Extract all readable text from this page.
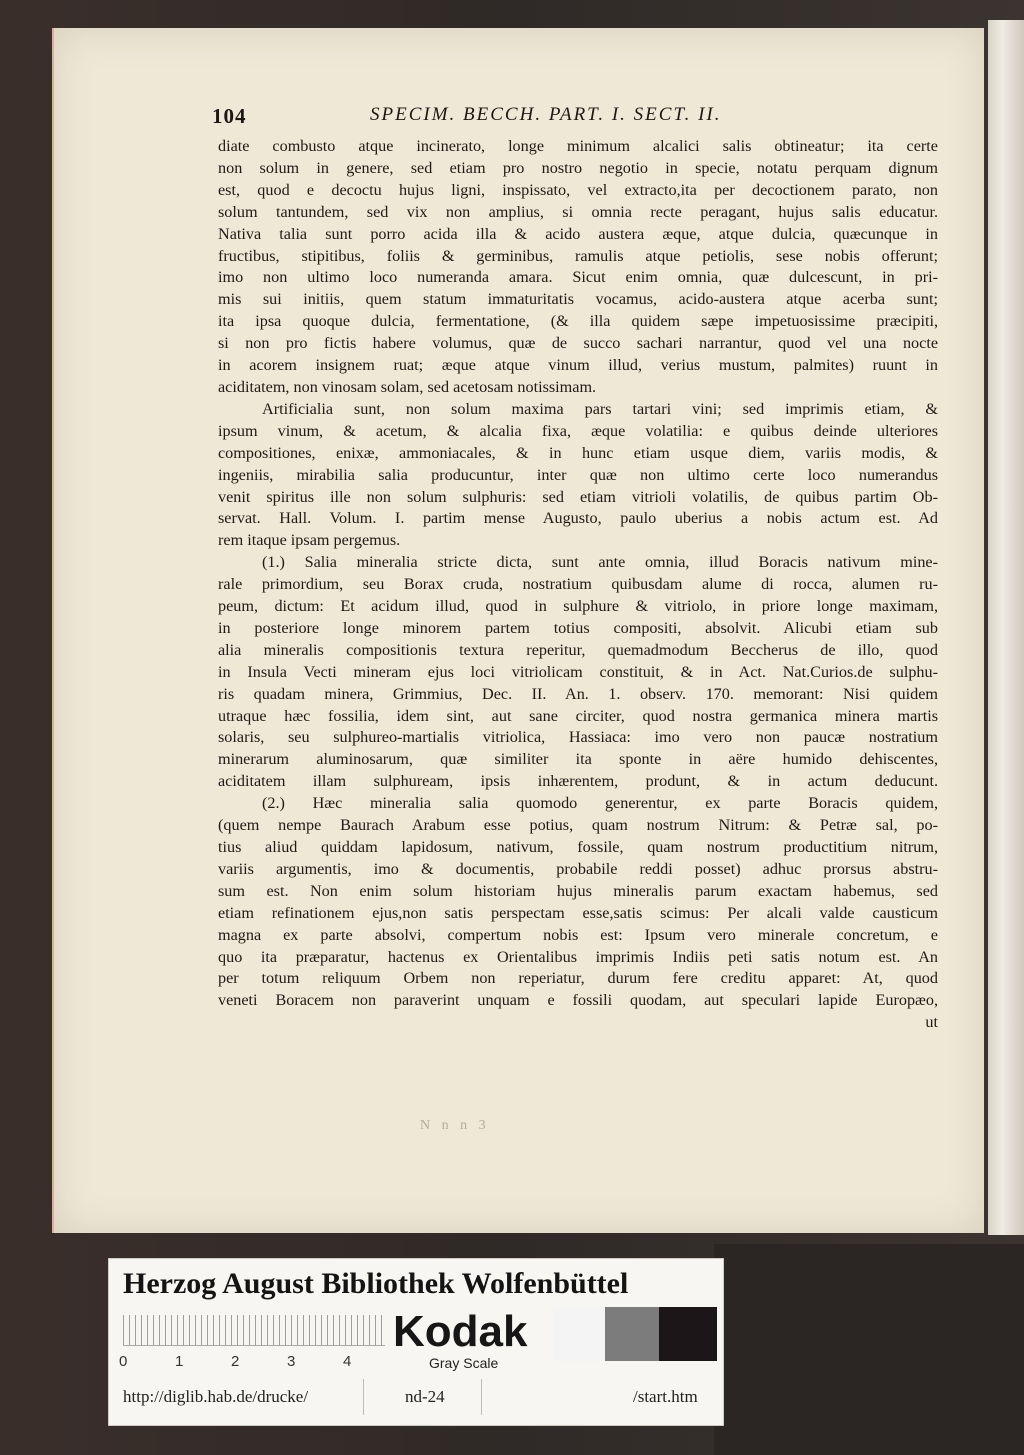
104	SPECIM. BECCH. PART. I. SECT. II.
diate combusto atque incinerato, longe minimum alcalici salis obtineatur; ita certe
non solum in genere, sed etiam pro nostro negotio in specie, notatu perquam dignum
est, quod e decoctu hujus ligni, inspissato, vel extracto,ita per decoctionem parato, non
solum tantundem, sed vix non amplius, si omnia recte peragant, hujus salis educatur.
Nativa talia sunt porro acida illa & acido austera æque, atque dulcia, quæcunque in
fructibus, stipitibus, foliis & germinibus, ramulis atque petiolis, sese nobis offerunt;
imo non ultimo loco numeranda amara. Sicut enim omnia, quæ dulcescunt, in pri-
mis sui initiis, quem statum immaturitatis vocamus, acido-austera atque acerba sunt;
ita ipsa quoque dulcia, fermentatione, (& illa quidem sæpe impetuosissime præcipiti,
si non pro fictis habere volumus, quæ de succo sachari narrantur, quod vel una nocte
in acorem insignem ruat; æque atque vinum illud, verius mustum, palmites) ruunt in
aciditatem, non vinosam solam, sed acetosam notissimam.
Artificialia sunt, non solum maxima pars tartari vini; sed imprimis etiam, &
ipsum vinum, & acetum, & alcalia fixa, æque volatilia: e quibus deinde ulteriores
compositiones, enixæ, ammoniacales, & in hunc etiam usque diem, variis modis, &
ingeniis, mirabilia salia producuntur, inter quæ non ultimo certe loco numerandus
venit spiritus ille non solum sulphuris: sed etiam vitrioli volatilis, de quibus partim Ob-
servat. Hall. Volum. I. partim mense Augusto, paulo uberius a nobis actum est. Ad
rem itaque ipsam pergemus.
(1.) Salia mineralia stricte dicta, sunt ante omnia, illud Boracis nativum mine-
rale primordium, seu Borax cruda, nostratium quibusdam alume di rocca, alumen ru-
peum, dictum: Et acidum illud, quod in sulphure & vitriolo, in priore longe maximam,
in posteriore longe minorem partem totius compositi, absolvit. Alicubi etiam sub
alia mineralis compositionis textura reperitur, quemadmodum Beccherus de illo, quod
in Insula Vecti mineram ejus loci vitriolicam constituit, & in Act. Nat.Curios.de sulphu-
ris quadam minera, Grimmius, Dec. II. An. 1. observ. 170. memorant: Nisi quidem
utraque hæc fossilia, idem sint, aut sane circiter, quod nostra germanica minera martis
solaris, seu sulphureo-martialis vitriolica, Hassiaca: imo vero non paucæ nostratium
minerarum aluminosarum, quæ similiter ita sponte in aëre humido dehiscentes,
aciditatem illam sulphuream, ipsis inhærentem, produnt, & in actum deducunt.
(2.) Hæc mineralia salia quomodo generentur, ex parte Boracis quidem,
(quem nempe Baurach Arabum esse potius, quam nostrum Nitrum: & Petræ sal, po-
tius aliud quiddam lapidosum, nativum, fossile, quam nostrum productitium nitrum,
variis argumentis, imo & documentis, probabile reddi posset) adhuc prorsus abstru-
sum est. Non enim solum historiam hujus mineralis parum exactam habemus, sed
etiam refinationem ejus,non satis perspectam esse,satis scimus: Per alcali valde causticum
magna ex parte absolvi, compertum nobis est: Ipsum vero minerale concretum, e
quo ita præparatur, hactenus ex Orientalibus imprimis Indiis peti satis notum est. An
per totum reliquum Orbem non reperiatur, durum fere creditu apparet: At, quod
veneti Boracem non paraverint unquam e fossili quodam, aut speculari lapide Europæo,
ut
N n n 3
Herzog August Bibliothek Wolfenbüttel
0	1	2	3	4
Kodak
Gray Scale
http://diglib.hab.de/drucke/	nd-24	/start.htm
